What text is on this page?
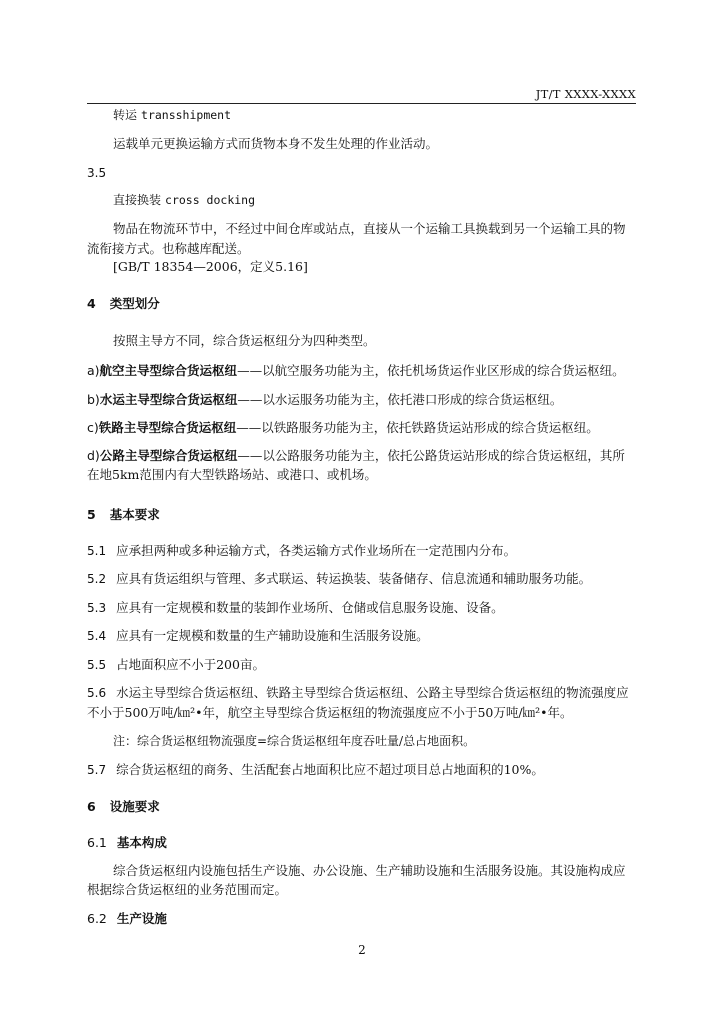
JT/T XXXX-XXXX
转运 transshipment
运载单元更换运输方式而货物本身不发生处理的作业活动。
3.5
直接换装 cross docking
物品在物流环节中，不经过中间仓库或站点，直接从一个运输工具换载到另一个运输工具的物流衔接方式。也称越库配送。
[GB/T 18354—2006，定义5.16]
4 类型划分
按照主导方不同，综合货运枢纽分为四种类型。
a)航空主导型综合货运枢纽——以航空服务功能为主，依托机场货运作业区形成的综合货运枢纽。
b)水运主导型综合货运枢纽——以水运服务功能为主，依托港口形成的综合货运枢纽。
c)铁路主导型综合货运枢纽——以铁路服务功能为主，依托铁路货运站形成的综合货运枢纽。
d)公路主导型综合货运枢纽——以公路服务功能为主，依托公路货运站形成的综合货运枢纽，其所在地5km范围内有大型铁路场站、或港口、或机场。
5 基本要求
5.1 应承担两种或多种运输方式，各类运输方式作业场所在一定范围内分布。
5.2 应具有货运组织与管理、多式联运、转运换装、装备储存、信息流通和辅助服务功能。
5.3 应具有一定规模和数量的装卸作业场所、仓储或信息服务设施、设备。
5.4 应具有一定规模和数量的生产辅助设施和生活服务设施。
5.5 占地面积应不小于200亩。
5.6 水运主导型综合货运枢纽、铁路主导型综合货运枢纽、公路主导型综合货运枢纽的物流强度应不小于500万吨/㎞²•年，航空主导型综合货运枢纽的物流强度应不小于50万吨/㎞²•年。
注：综合货运枢纽物流强度=综合货运枢纽年度吞吐量/总占地面积。
5.7 综合货运枢纽的商务、生活配套占地面积比应不超过项目总占地面积的10%。
6 设施要求
6.1 基本构成
综合货运枢纽内设施包括生产设施、办公设施、生产辅助设施和生活服务设施。其设施构成应根据综合货运枢纽的业务范围而定。
6.2 生产设施
2
